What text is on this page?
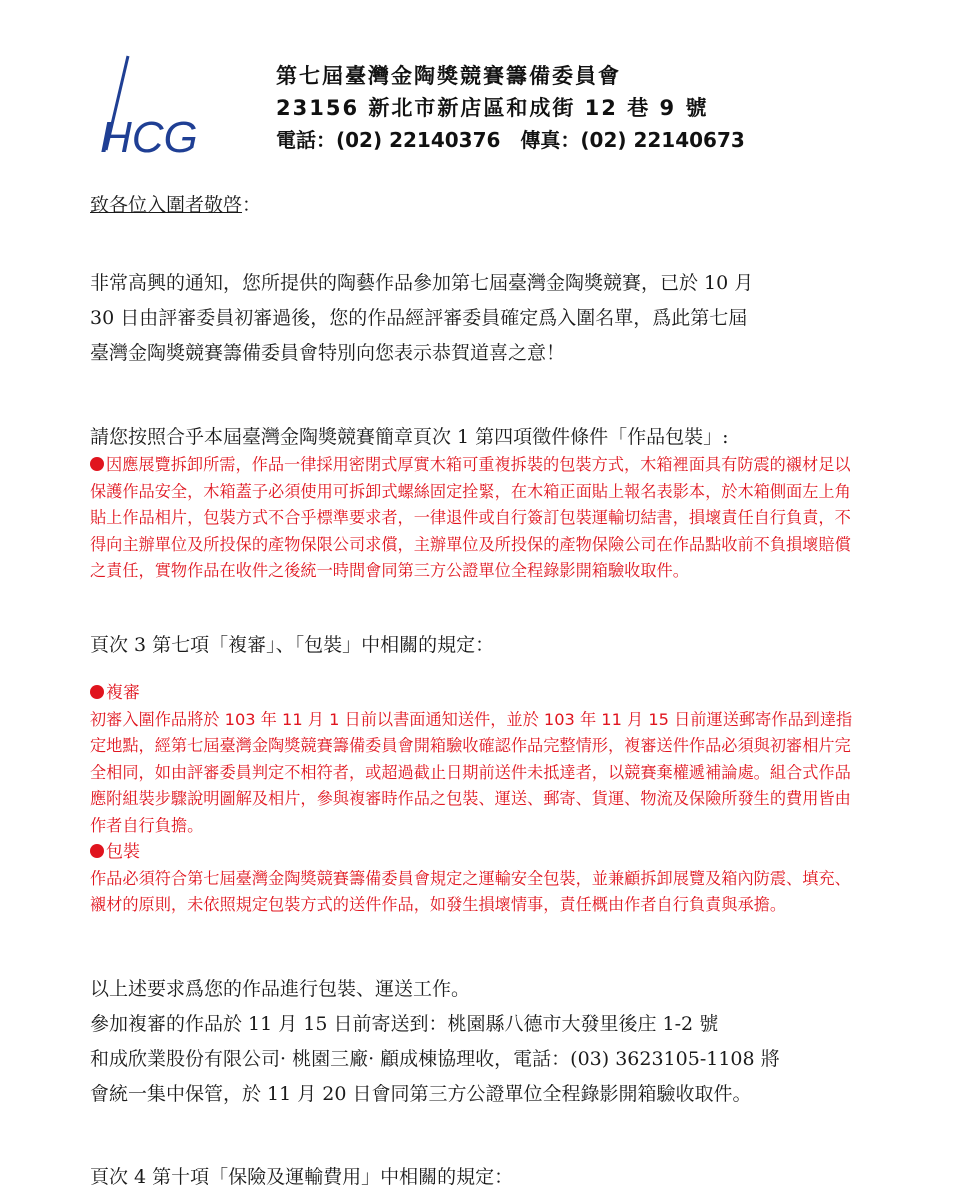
HCG
第七屆臺灣金陶獎競賽籌備委員會
23156 新北市新店區和成街 12 巷 9 號
電話：(02) 22140376　傳真：(02) 22140673

致各位入圍者敬啓：

非常高興的通知，您所提供的陶藝作品參加第七屆臺灣金陶獎競賽，已於 10 月

30 日由評審委員初審過後，您的作品經評審委員確定爲入圍名單，爲此第七屆

臺灣金陶獎競賽籌備委員會特別向您表示恭賀道喜之意！

請您按照合乎本屆臺灣金陶獎競賽簡章頁次 1 第四項徵件條件「作品包裝」:

因應展覽拆卸所需，作品一律採用密閉式厚實木箱可重複拆裝的包裝方式，木箱裡面具有防震的襯材足以保護作品安全，木箱蓋子必須使用可拆卸式螺絲固定拴緊，在木箱正面貼上報名表影本，於木箱側面左上角貼上作品相片，包裝方式不合乎標準要求者，一律退件或自行簽訂包裝運輸切結書，損壞責任自行負責，不得向主辦單位及所投保的產物保限公司求償，主辦單位及所投保的產物保險公司在作品點收前不負損壞賠償之責任，實物作品在收件之後統一時間會同第三方公證單位全程錄影開箱驗收取件。

頁次 3 第七項「複審」、「包裝」中相關的規定：

複審

初審入圍作品將於 103 年 11 月 1 日前以書面通知送件，並於 103 年 11 月 15 日前運送郵寄作品到達指定地點，經第七屆臺灣金陶獎競賽籌備委員會開箱驗收確認作品完整情形，複審送件作品必須與初審相片完全相同，如由評審委員判定不相符者，或超過截止日期前送件未抵達者，以競賽棄權遞補論處。組合式作品應附組裝步驟說明圖解及相片，參與複審時作品之包裝、運送、郵寄、貨運、物流及保險所發生的費用皆由作者自行負擔。

包裝

作品必須符合第七屆臺灣金陶獎競賽籌備委員會規定之運輸安全包裝，並兼顧拆卸展覽及箱內防震、填充、襯材的原則，未依照規定包裝方式的送件作品，如發生損壞情事，責任概由作者自行負責與承擔。

以上述要求爲您的作品進行包裝、運送工作。

參加複審的作品於 11 月 15 日前寄送到：桃園縣八德市大發里後庄 1-2 號

和成欣業股份有限公司· 桃園三廠· 顧成棟協理收，電話：(03) 3623105-1108 將

會統一集中保管，於 11 月 20 日會同第三方公證單位全程錄影開箱驗收取件。

頁次 4 第十項「保險及運輸費用」中相關的規定：
